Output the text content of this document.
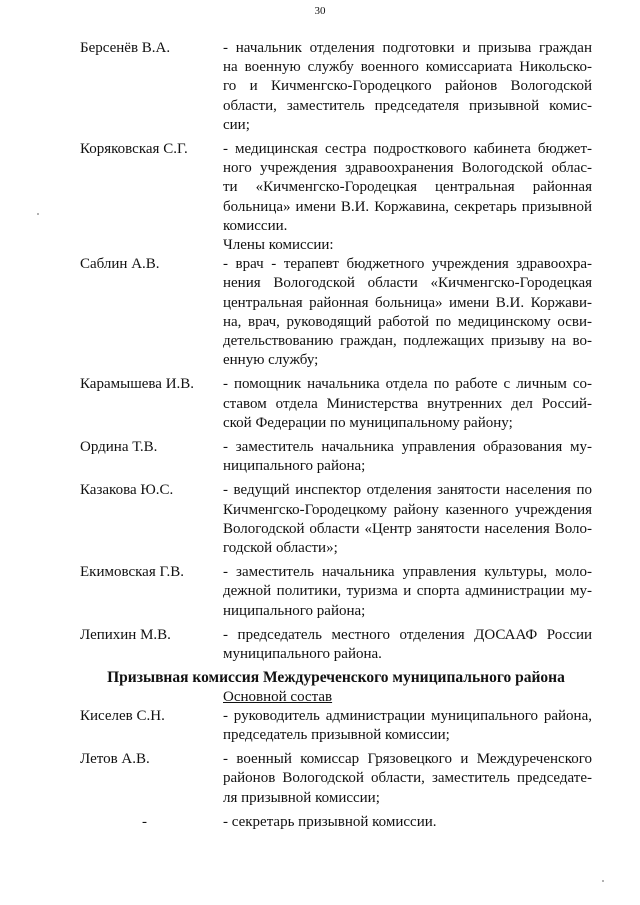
30
Берсенёв В.А.	- начальник отделения подготовки и призыва граждан
на военную службу военного комиссариата Никольско-
го и Кичменгско-Городецкого районов Вологодской
области, заместитель председателя призывной комис-
сии;
Коряковская С.Г.	- медицинская сестра подросткового кабинета бюджет-
ного учреждения здравоохранения Вологодской облас-
ти «Кичменгско-Городецкая центральная районная
больница» имени В.И. Коржавина, секретарь призывной
комиссии.
Члены комиссии:
Саблин А.В.	- врач - терапевт бюджетного учреждения здравоохра-
нения Вологодской области «Кичменгско-Городецкая
центральная районная больница» имени В.И. Коржави-
на, врач, руководящий работой по медицинскому осви-
детельствованию граждан, подлежащих призыву на во-
енную службу;
Карамышева И.В.	- помощник начальника отдела по работе с личным со-
ставом отдела Министерства внутренних дел Россий-
ской Федерации по муниципальному району;
Ордина Т.В.	- заместитель начальника управления образования му-
ниципального района;
Казакова Ю.С.	- ведущий инспектор отделения занятости населения по
Кичменгско-Городецкому району казенного учреждения
Вологодской области «Центр занятости населения Воло-
годской области»;
Екимовская Г.В.	- заместитель начальника управления культуры, моло-
дежной политики, туризма и спорта администрации му-
ниципального района;
Лепихин М.В.	- председатель местного отделения ДОСААФ России
муниципального района.
Призывная комиссия Междуреченского муниципального района
Основной состав
Киселев С.Н.	- руководитель администрации муниципального района,
председатель призывной комиссии;
Летов А.В.	- военный комиссар Грязовецкого и Междуреченского
районов Вологодской области, заместитель председате-
ля призывной комиссии;
-	- секретарь призывной комиссии.
